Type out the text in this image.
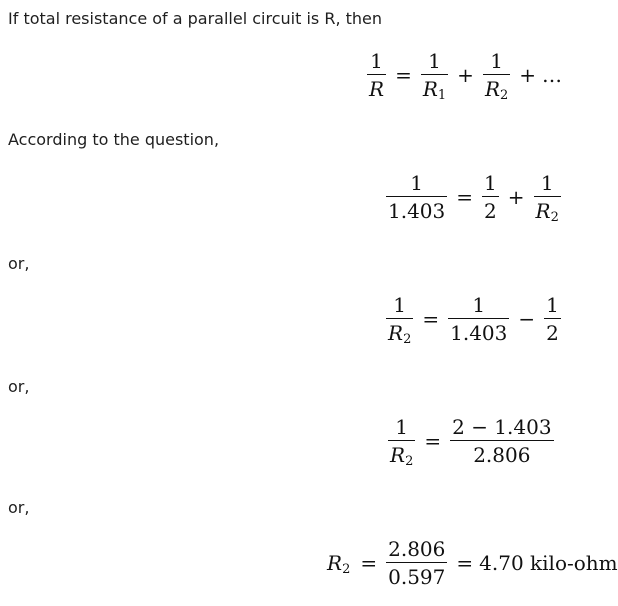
If total resistance of a parallel circuit is R, then
$\frac{1}{R} = \frac{1}{R_1} + \frac{1}{R_2}$ + …
According to the question,
$\frac{1}{1.403} = \frac{1}{2} + \frac{1}{R_2}$
or,
$\frac{1}{R_2} = \frac{1}{1.403} - \frac{1}{2}$
or,
$\frac{1}{R_2} = \frac{2 - 1.403}{2.806}$
or,
$R_2 = \frac{2.806}{0.597} = 4.70$ kilo-ohm
